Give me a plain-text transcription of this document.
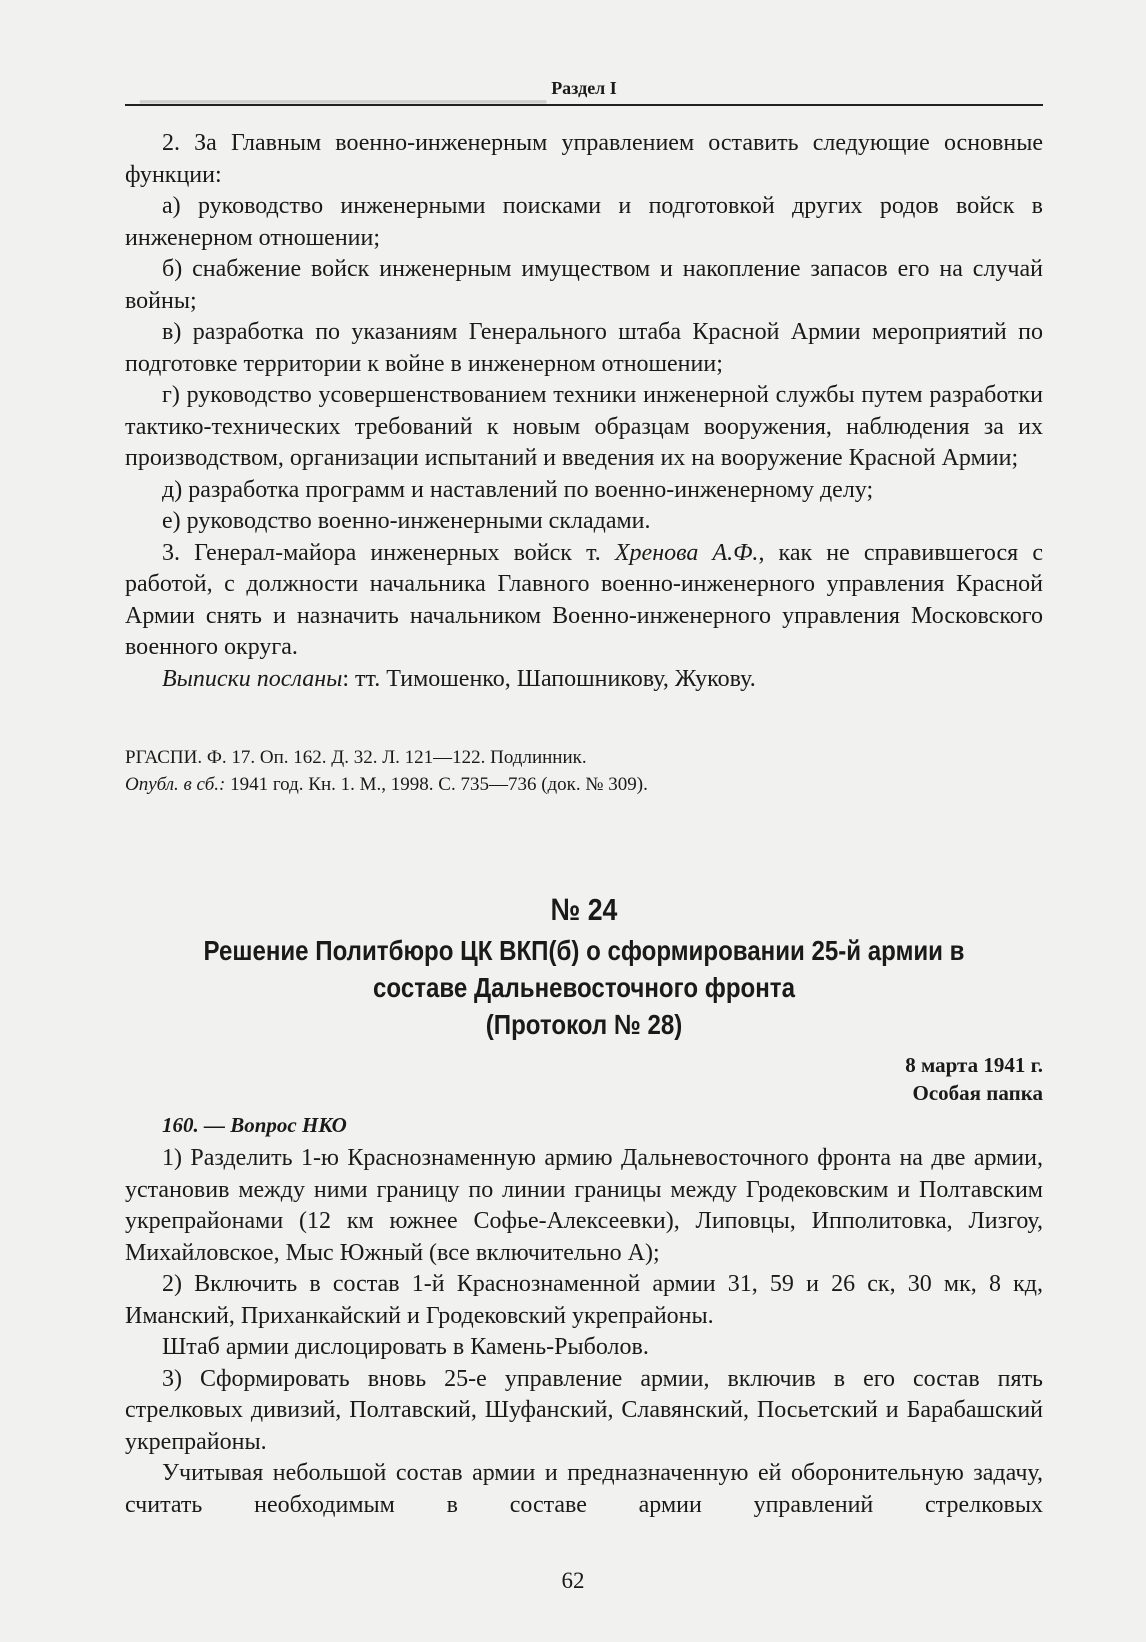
▁▁▁▁▁▁▁▁▁▁▁▁▁▁▁▁▁▁▁▁▁▁▁▁ Раздел I

2. За Главным военно-инженерным управлением оставить следующие основные функции:

а) руководство инженерными поисками и подготовкой других родов войск в инженерном отношении;

б) снабжение войск инженерным имуществом и накопление запасов его на случай войны;

в) разработка по указаниям Генерального штаба Красной Армии мероприятий по подготовке территории к войне в инженерном отношении;

г) руководство усовершенствованием техники инженерной службы путем разработки тактико-технических требований к новым образцам вооружения, наблюдения за их производством, организации испытаний и введения их на вооружение Красной Армии;

д) разработка программ и наставлений по военно-инженерному делу;

е) руководство военно-инженерными складами.

3. Генерал-майора инженерных войск т. Хренова А.Ф., как не справившегося с работой, с должности начальника Главного военно-инженерного управления Красной Армии снять и назначить начальником Военно-инженерного управления Московского военного округа.

Выписки посланы: тт. Тимошенко, Шапошникову, Жукову.

РГАСПИ. Ф. 17. Оп. 162. Д. 32. Л. 121—122. Подлинник.

Опубл. в сб.: 1941 год. Кн. 1. М., 1998. С. 735—736 (док. № 309).

№ 24
Решение Политбюро ЦК ВКП(б) о сформировании 25-й армии в
составе Дальневосточного фронта
(Протокол № 28)
8 марта 1941 г.
Особая папка
160. — Вопрос НКО

1) Разделить 1-ю Краснознаменную армию Дальневосточного фронта на две армии, установив между ними границу по линии границы между Гродековским и Полтавским укрепрайонами (12 км южнее Софье-Алексеевки), Липовцы, Ипполитовка, Лизгоу, Михайловское, Мыс Южный (все включительно А);

2) Включить в состав 1-й Краснознаменной армии 31, 59 и 26 ск, 30 мк, 8 кд, Иманский, Приханкайский и Гродековский укрепрайоны.

Штаб армии дислоцировать в Камень-Рыболов.

3) Сформировать вновь 25-е управление армии, включив в его состав пять стрелковых дивизий, Полтавский, Шуфанский, Славянский, Посьетский и Барабашский укрепрайоны.

Учитывая небольшой состав армии и предназначенную ей оборонительную задачу, считать необходимым в составе армии управлений стрелковых

62
